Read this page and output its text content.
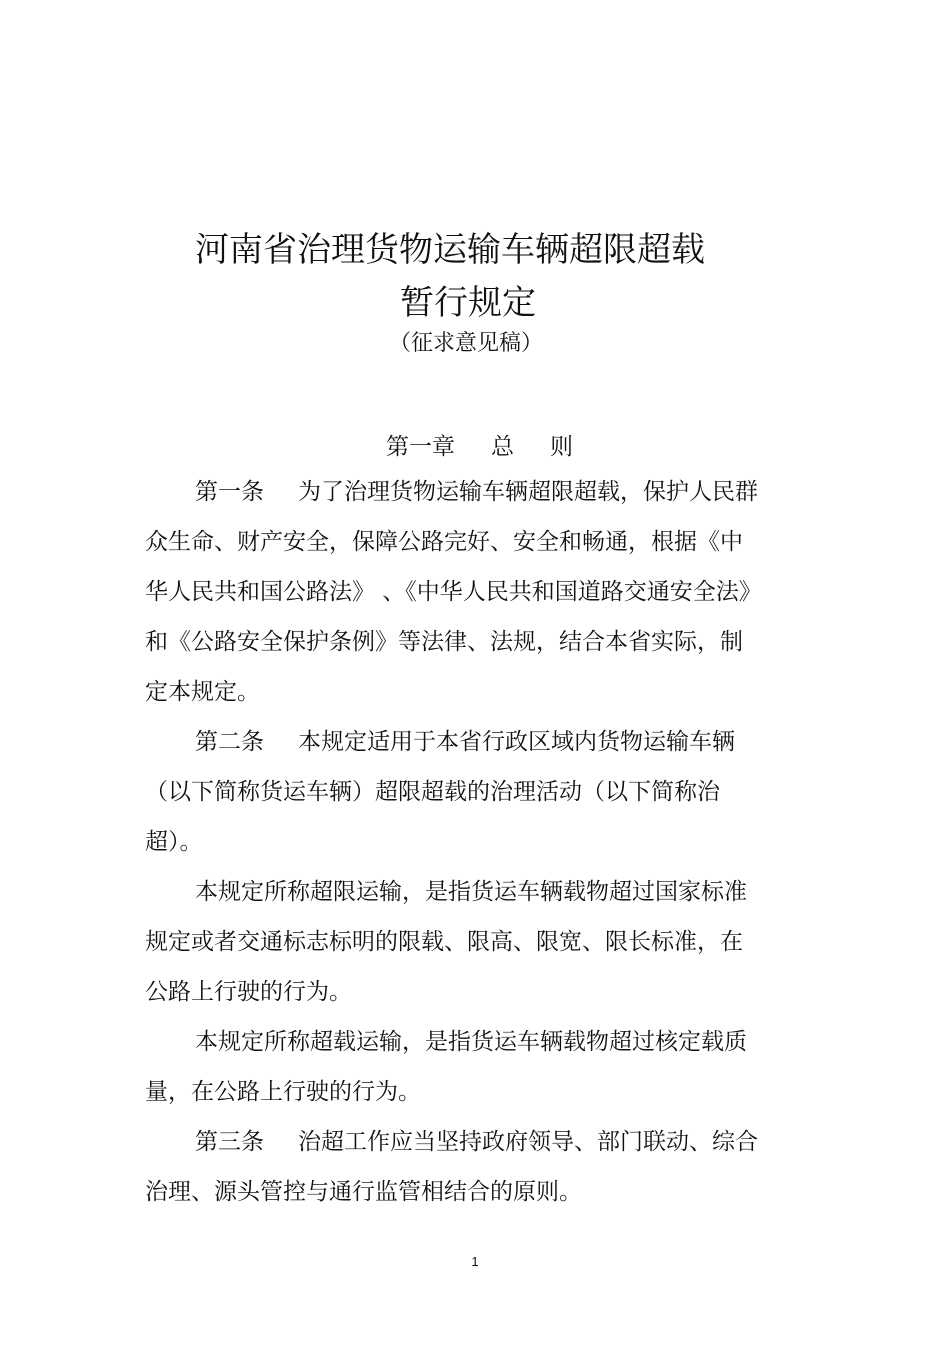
河南省治理货物运输车辆超限超载
暂行规定
（征求意见稿）
第一章 总 则
第一条 为了治理货物运输车辆超限超载，保护人民群
众生命、财产安全，保障公路完好、安全和畅通，根据《中
华人民共和国公路法》 、《中华人民共和国道路交通安全法》
和《公路安全保护条例》等法律、法规，结合本省实际，制
定本规定。
第二条 本规定适用于本省行政区域内货物运输车辆
（以下简称货运车辆）超限超载的治理活动（以下简称治
超）。
本规定所称超限运输，是指货运车辆载物超过国家标准
规定或者交通标志标明的限载、限高、限宽、限长标准，在
公路上行驶的行为。
本规定所称超载运输，是指货运车辆载物超过核定载质
量，在公路上行驶的行为。
第三条 治超工作应当坚持政府领导、部门联动、综合
治理、源头管控与通行监管相结合的原则。
1
